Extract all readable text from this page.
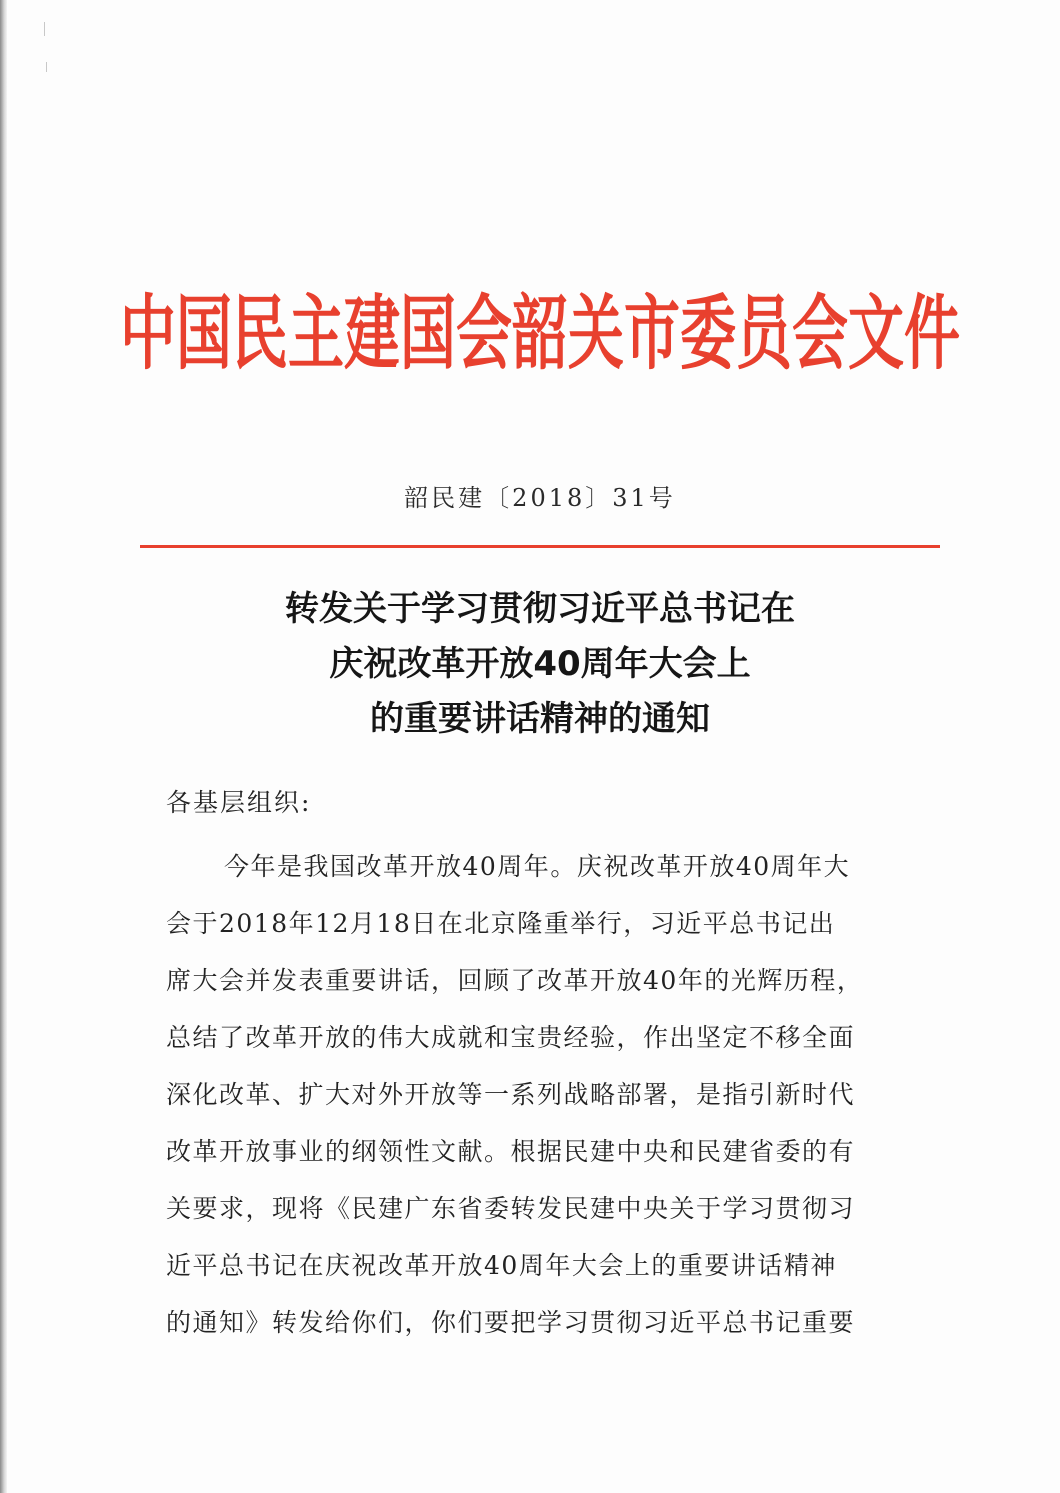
中国民主建国会韶关市委员会文件
韶民建〔2018〕31号
转发关于学习贯彻习近平总书记在
庆祝改革开放40周年大会上
的重要讲话精神的通知
各基层组织:
今年是我国改革开放40周年。庆祝改革开放40周年大
会于2018年12月18日在北京隆重举行，习近平总书记出
席大会并发表重要讲话，回顾了改革开放40年的光辉历程，
总结了改革开放的伟大成就和宝贵经验，作出坚定不移全面
深化改革、扩大对外开放等一系列战略部署，是指引新时代
改革开放事业的纲领性文献。根据民建中央和民建省委的有
关要求，现将《民建广东省委转发民建中央关于学习贯彻习
近平总书记在庆祝改革开放40周年大会上的重要讲话精神
的通知》转发给你们，你们要把学习贯彻习近平总书记重要
